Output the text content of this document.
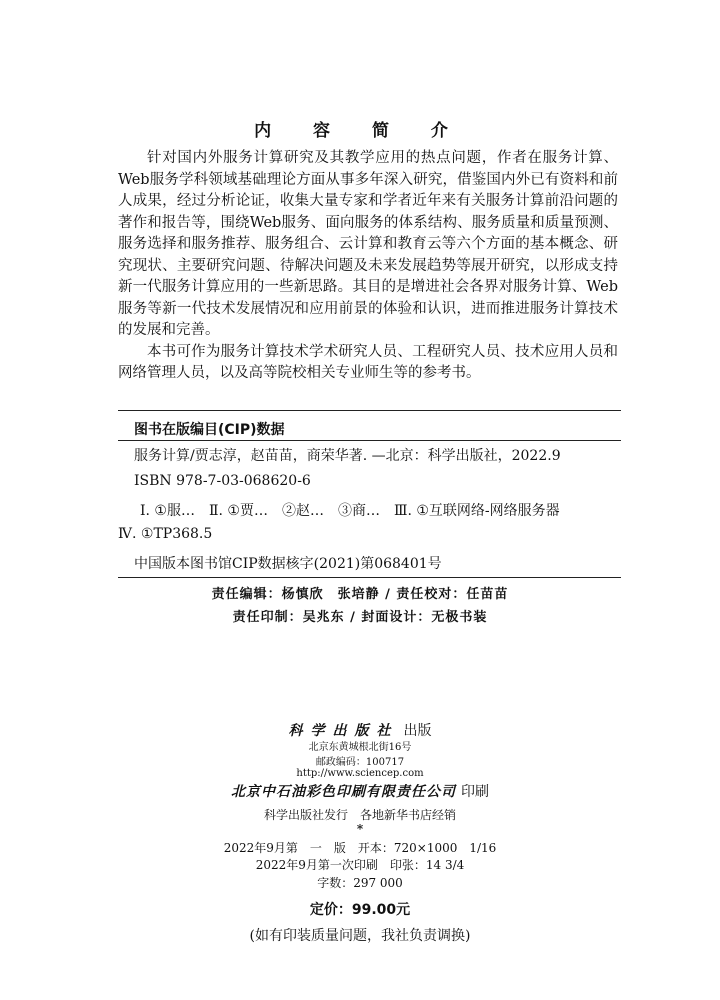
内 容 简 介

针对国内外服务计算研究及其教学应用的热点问题，作者在服务计算、Web服务学科领域基础理论方面从事多年深入研究，借鉴国内外已有资料和前人成果，经过分析论证，收集大量专家和学者近年来有关服务计算前沿问题的著作和报告等，围绕Web服务、面向服务的体系结构、服务质量和质量预测、服务选择和服务推荐、服务组合、云计算和教育云等六个方面的基本概念、研究现状、主要研究问题、待解决问题及未来发展趋势等展开研究，以形成支持新一代服务计算应用的一些新思路。其目的是增进社会各界对服务计算、Web服务等新一代技术发展情况和应用前景的体验和认识，进而推进服务计算技术的发展和完善。

本书可作为服务计算技术学术研究人员、工程研究人员、技术应用人员和网络管理人员，以及高等院校相关专业师生等的参考书。

图书在版编目(CIP)数据
服务计算/贾志淳，赵苗苗，商荣华著. —北京：科学出版社，2022.9
ISBN 978-7-03-068620-6
Ⅰ. ①服…　Ⅱ. ①贾…　②赵…　③商…　Ⅲ. ①互联网络-网络服务器
Ⅳ. ①TP368.5
中国版本图书馆CIP数据核字(2021)第068401号
责任编辑：杨慎欣　张培静 / 责任校对：任苗苗
责任印制：吴兆东 / 封面设计：无极书装
科学出版社 出版
北京东黄城根北街16号
邮政编码：100717
http://www.sciencep.com
北京中石油彩色印刷有限责任公司 印刷
科学出版社发行　各地新华书店经销
*
2022年9月第　一　版　开本：720×1000　1/16
2022年9月第一次印刷　印张：14 3/4
字数：297 000
定价：99.00元
(如有印装质量问题，我社负责调换)
